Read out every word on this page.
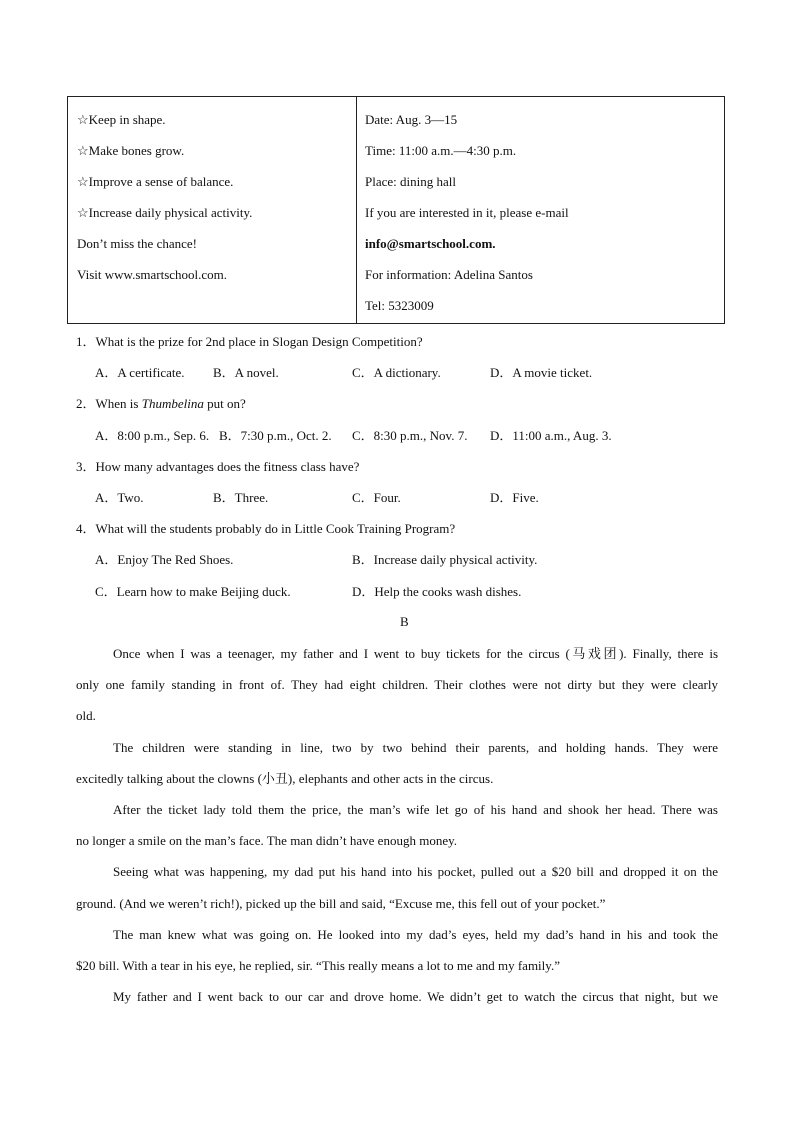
☆Keep in shape.
☆Make bones grow.
☆Improve a sense of balance.
☆Increase daily physical activity.
Don’t miss the chance!
Visit www.smartschool.com.
Date: Aug. 3—15
Time: 11:00 a.m.—4:30 p.m.
Place: dining hall
If you are interested in it, please e-mail
info@smartschool.com.
For information: Adelina Santos
Tel: 5323009
1．What is the prize for 2nd place in Slogan Design Competition?
A．A certificate. B．A novel.	C．A dictionary.	D．A movie ticket.
2．When is Thumbelina put on?
A．8:00 p.m., Sep. 6. B．7:30 p.m., Oct. 2. C．8:30 p.m., Nov. 7. D．11:00 a.m., Aug. 3.
3．How many advantages does the fitness class have?
A．Two.	B．Three.	C．Four.	D．Five.
4．What will the students probably do in Little Cook Training Program?
A．Enjoy The Red Shoes.	B．Increase daily physical activity.
C．Learn how to make Beijing duck.	D．Help the cooks wash dishes.
B
Once when I was a teenager, my father and I went to buy tickets for the circus (马戏团). Finally, there is
only one family standing in front of. They had eight children. Their clothes were not dirty but they were clearly
old.
The children were standing in line, two by two behind their parents, and holding hands. They were
excitedly talking about the clowns (小丑), elephants and other acts in the circus.
After the ticket lady told them the price, the man’s wife let go of his hand and shook her head. There was
no longer a smile on the man’s face. The man didn’t have enough money.
Seeing what was happening, my dad put his hand into his pocket, pulled out a $20 bill and dropped it on the
ground. (And we weren’t rich!), picked up the bill and said, “Excuse me, this fell out of your pocket.”
The man knew what was going on. He looked into my dad’s eyes, held my dad’s hand in his and took the
$20 bill. With a tear in his eye, he replied, sir. “This really means a lot to me and my family.”
My father and I went back to our car and drove home. We didn’t get to watch the circus that night, but we
